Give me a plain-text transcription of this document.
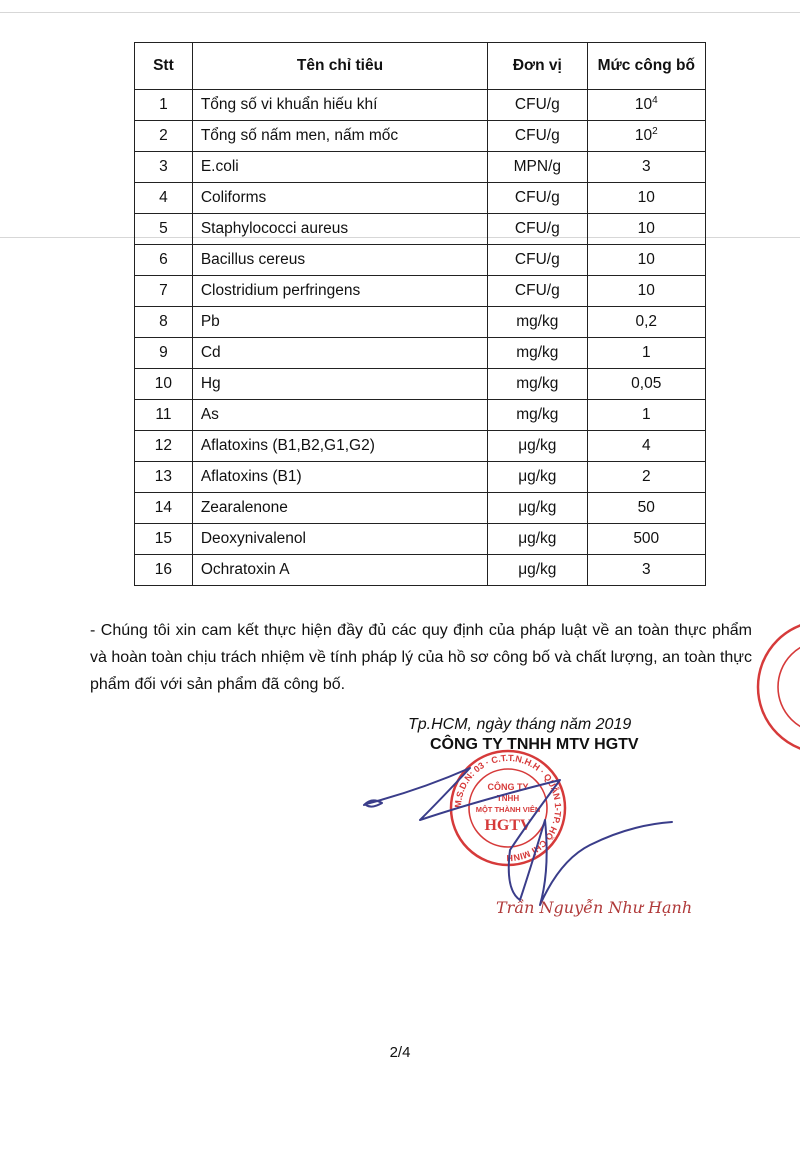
Stt	Tên chỉ tiêu	Đơn vị	Mức công bố
1	Tổng số vi khuẩn hiếu khí	CFU/g	$10^4$
2	Tổng số nấm men, nấm mốc	CFU/g	$10^2$
3	E.coli	MPN/g	3
4	Coliforms	CFU/g	10
5	Staphylococci aureus	CFU/g	10
6	Bacillus cereus	CFU/g	10
7	Clostridium perfringens	CFU/g	10
8	Pb	mg/kg	0,2
9	Cd	mg/kg	1
10	Hg	mg/kg	0,05
11	As	mg/kg	1
12	Aflatoxins (B1,B2,G1,G2)	μg/kg	4
13	Aflatoxins (B1)	μg/kg	2
14	Zearalenone	μg/kg	50
15	Deoxynivalenol	μg/kg	500
16	Ochratoxin A	μg/kg	3
- Chúng tôi xin cam kết thực hiện đầy đủ các quy định của pháp luật về an toàn thực phẩm và hoàn toàn chịu trách nhiệm về tính pháp lý của hồ sơ công bố và chất lượng, an toàn thực phẩm đối với sản phẩm đã công bố.
Tp.HCM, ngày tháng năm 2019
M.S.D.N: 03 · C.T.T.N.H.H · QUẬN 1-TP. HỒ CHÍ MINH
CÔNG TY
TNHH
MỘT THÀNH VIÊN
HGTV
CÔNG TY TNHH MTV HGTV
Trần Nguyễn Như Hạnh
2/4
